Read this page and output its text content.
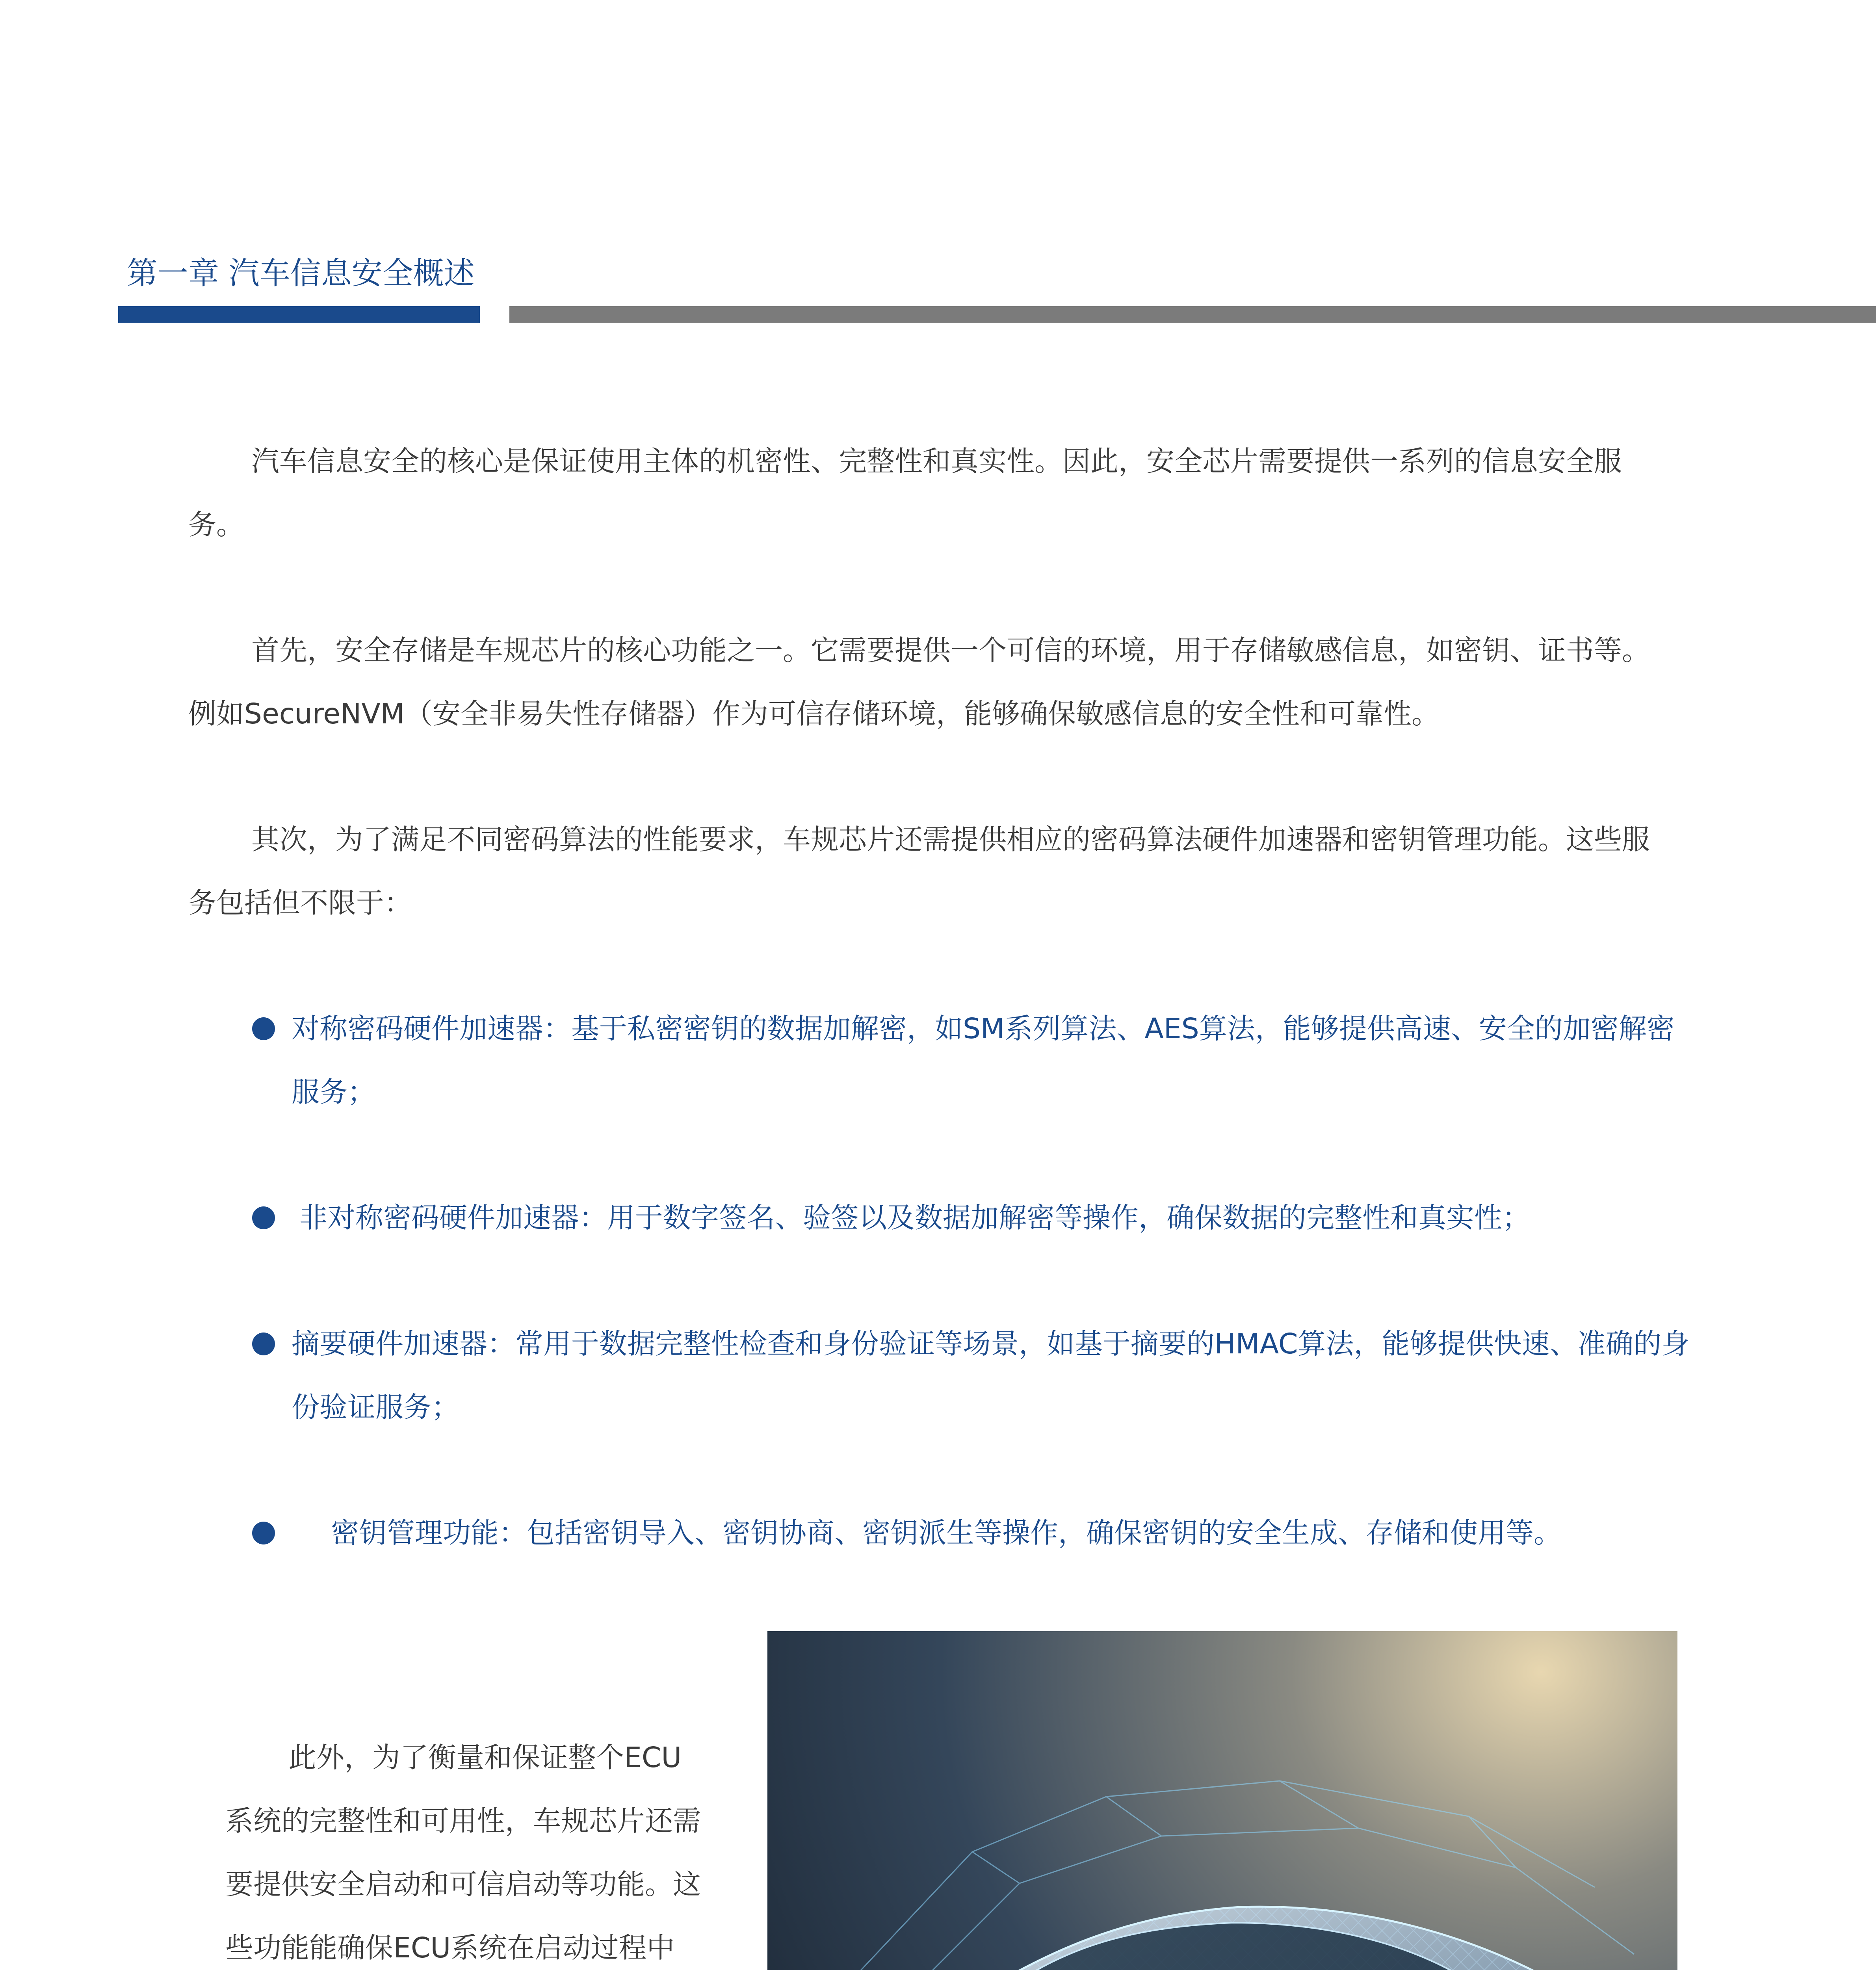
第一章 汽车信息安全概述

汽车信息安全的核心是保证使用主体的机密性、完整性和真实性。因此，安全芯片需要提供一系列的信息安全服务。

首先，安全存储是车规芯片的核心功能之一。它需要提供一个可信的环境，用于存储敏感信息，如密钥、证书等。例如SecureNVM（安全非易失性存储器）作为可信存储环境，能够确保敏感信息的安全性和可靠性。

其次，为了满足不同密码算法的性能要求，车规芯片还需提供相应的密码算法硬件加速器和密钥管理功能。这些服务包括但不限于：

对称密码硬件加速器：基于私密密钥的数据加解密，如SM系列算法、AES算法，能够提供高速、安全的加密解密服务；

非对称密码硬件加速器：用于数字签名、验签以及数据加解密等操作，确保数据的完整性和真实性；

摘要硬件加速器：常用于数据完整性检查和身份验证等场景，如基于摘要的HMAC算法，能够提供快速、准确的身份验证服务；

密钥管理功能：包括密钥导入、密钥协商、密钥派生等操作，确保密钥的安全生成、存储和使用等。

此外，为了衡量和保证整个ECU系统的完整性和可用性，车规芯片还需要提供安全启动和可信启动等功能。这些功能能确保ECU系统在启动过程中
